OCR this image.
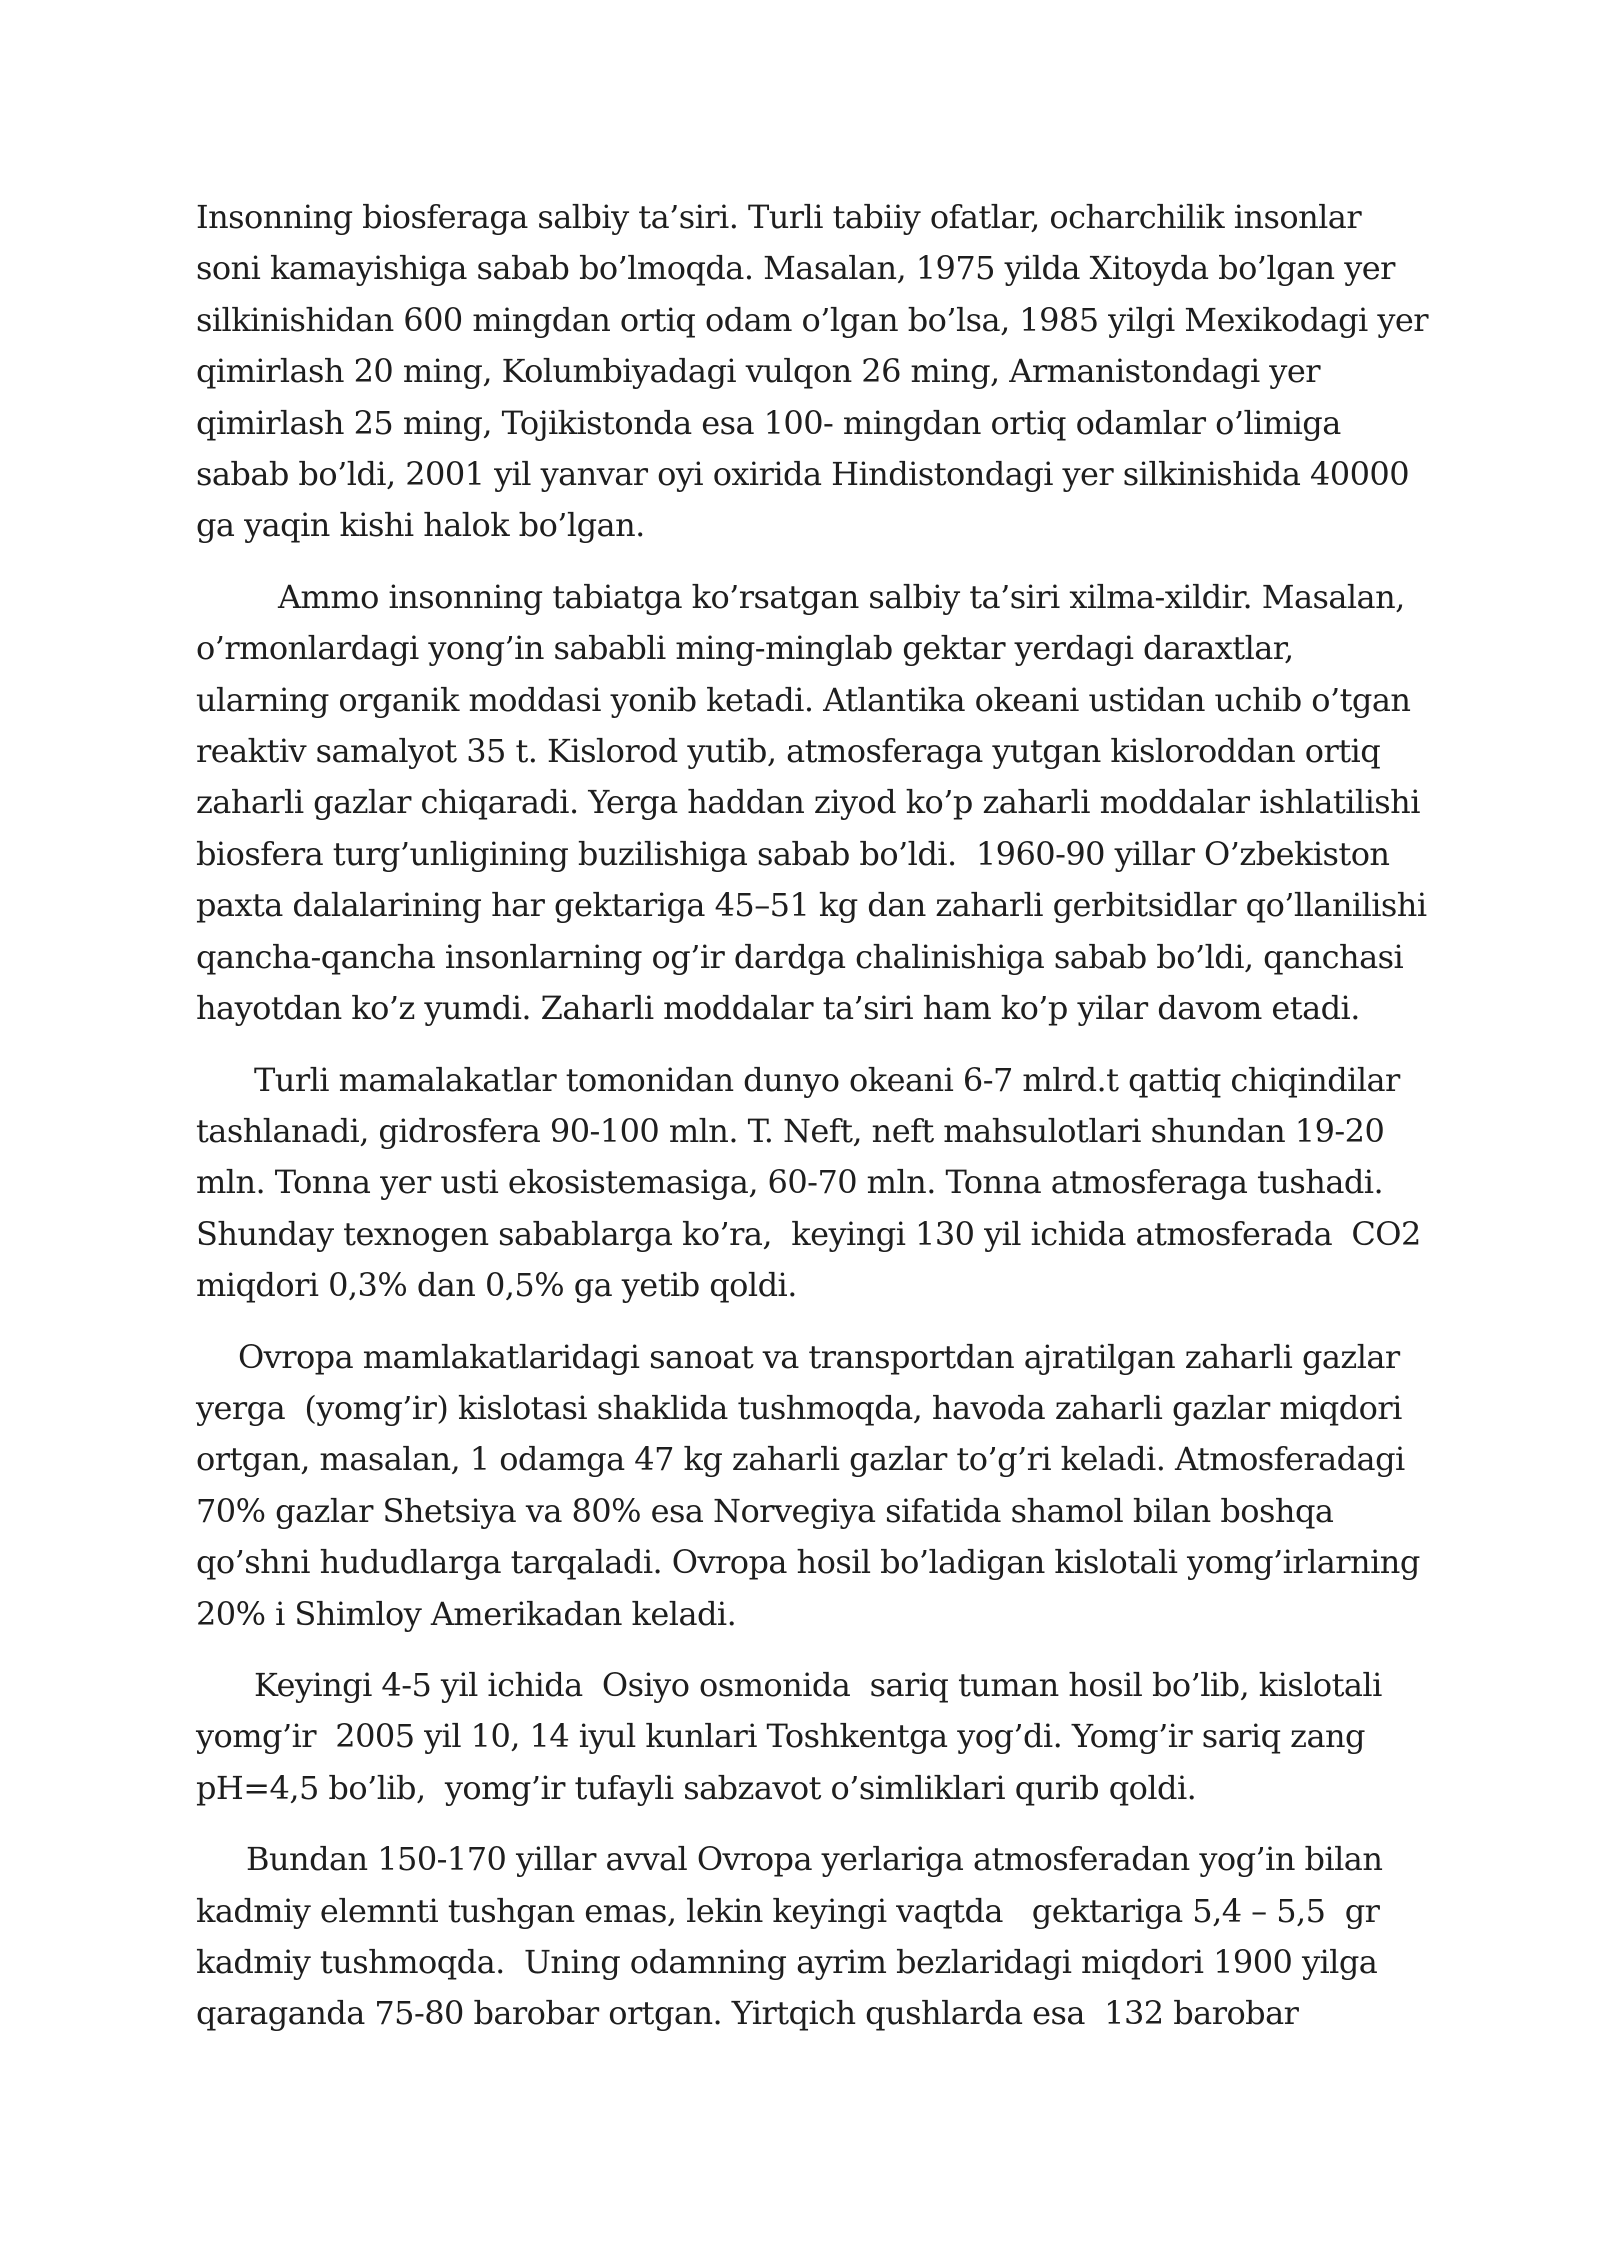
Insonning biosferaga salbiy ta’siri. Turli tabiiy ofatlar, ocharchilik insonlar
soni kamayishiga sabab bo’lmoqda. Masalan, 1975 yilda Xitoyda bo’lgan yer
silkinishidan 600 mingdan ortiq odam o’lgan bo’lsa, 1985 yilgi Mexikodagi yer
qimirlash 20 ming, Kolumbiyadagi vulqon 26 ming, Armanistondagi yer
qimirlash 25 ming, Tojikistonda esa 100- mingdan ortiq odamlar o’limiga
sabab bo’ldi, 2001 yil yanvar oyi oxirida Hindistondagi yer silkinishida 40000
ga yaqin kishi halok bo’lgan.

Ammo insonning tabiatga ko’rsatgan salbiy ta’siri xilma-xildir. Masalan,
o’rmonlardagi yong’in sababli ming-minglab gektar yerdagi daraxtlar,
ularning organik moddasi yonib ketadi. Atlantika okeani ustidan uchib o’tgan
reaktiv samalyot 35 t. Kislorod yutib, atmosferaga yutgan kisloroddan ortiq
zaharli gazlar chiqaradi. Yerga haddan ziyod ko’p zaharli moddalar ishlatilishi
biosfera turg’unligining buzilishiga sabab bo’ldi.  1960-90 yillar O’zbekiston
paxta dalalarining har gektariga 45–51 kg dan zaharli gerbitsidlar qo’llanilishi
qancha-qancha insonlarning og’ir dardga chalinishiga sabab bo’ldi, qanchasi
hayotdan ko’z yumdi. Zaharli moddalar ta’siri ham ko’p yilar davom etadi.

Turli mamalakatlar tomonidan dunyo okeani 6-7 mlrd.t qattiq chiqindilar
tashlanadi, gidrosfera 90-100 mln. T. Neft, neft mahsulotlari shundan 19-20
mln. Tonna yer usti ekosistemasiga, 60-70 mln. Tonna atmosferaga tushadi.
Shunday texnogen sabablarga ko’ra,  keyingi 130 yil ichida atmosferada  CO2
miqdori 0,3% dan 0,5% ga yetib qoldi.

Ovropa mamlakatlaridagi sanoat va transportdan ajratilgan zaharli gazlar
yerga  (yomg’ir) kislotasi shaklida tushmoqda, havoda zaharli gazlar miqdori
ortgan, masalan, 1 odamga 47 kg zaharli gazlar to’g’ri keladi. Atmosferadagi
70% gazlar Shetsiya va 80% esa Norvegiya sifatida shamol bilan boshqa
qo’shni hududlarga tarqaladi. Ovropa hosil bo’ladigan kislotali yomg’irlarning
20% i Shimloy Amerikadan keladi.

Keyingi 4-5 yil ichida  Osiyo osmonida  sariq tuman hosil bo’lib, kislotali
yomg’ir  2005 yil 10, 14 iyul kunlari Toshkentga yog’di. Yomg’ir sariq zang
pH=4,5 bo’lib,  yomg’ir tufayli sabzavot o’simliklari qurib qoldi.

Bundan 150-170 yillar avval Ovropa yerlariga atmosferadan yog’in bilan
kadmiy elemnti tushgan emas, lekin keyingi vaqtda   gektariga 5,4 – 5,5  gr
kadmiy tushmoqda.  Uning odamning ayrim bezlaridagi miqdori 1900 yilga
qaraganda 75-80 barobar ortgan. Yirtqich qushlarda esa  132 barobar
